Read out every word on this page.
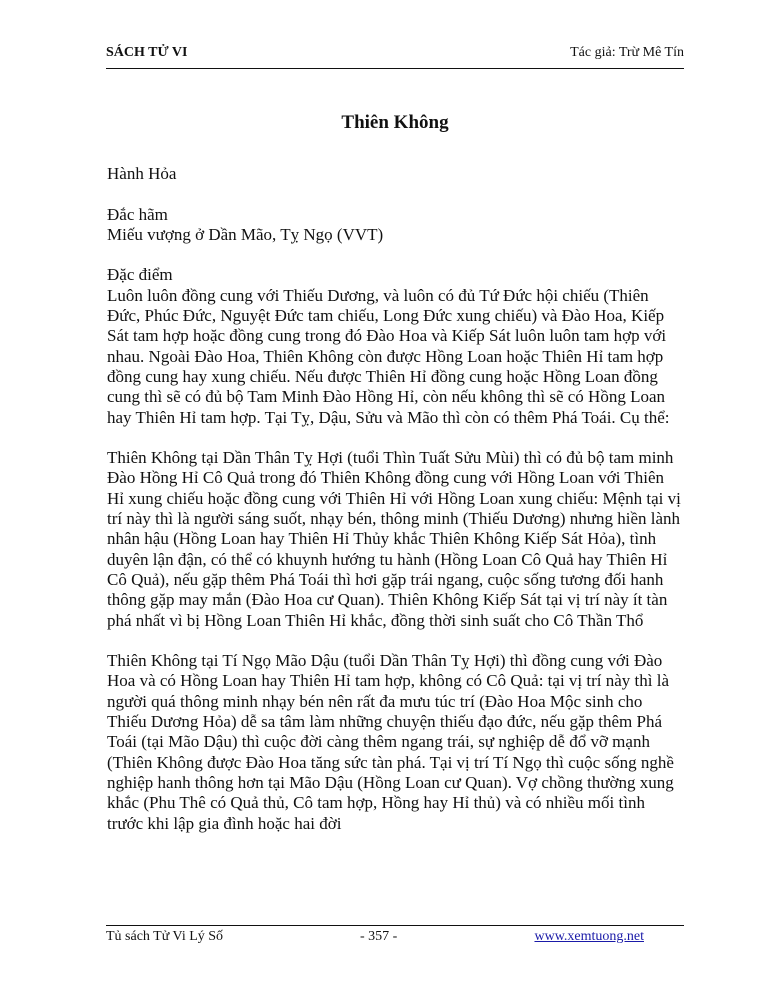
SÁCH TỬ VI	Tác giả: Trừ Mê Tín
Thiên Không

Hành Hỏa

Đắc hãm

Miếu vượng ở Dần Mão, Tỵ Ngọ (VVT)

Đặc điểm

Luôn luôn đồng cung với Thiếu Dương, và luôn có đủ Tứ Đức hội chiếu (Thiên Đức, Phúc Đức, Nguyệt Đức tam chiếu, Long Đức xung chiếu) và Đào Hoa, Kiếp Sát tam hợp hoặc đồng cung trong đó Đào Hoa và Kiếp Sát luôn luôn tam hợp với nhau. Ngoài Đào Hoa, Thiên Không còn được Hồng Loan hoặc Thiên Hỉ tam hợp đồng cung hay xung chiếu. Nếu được Thiên Hỉ đồng cung hoặc Hồng Loan đồng cung thì sẽ có đủ bộ Tam Minh Đào Hồng Hỉ, còn nếu không thì sẽ có Hồng Loan hay Thiên Hỉ tam hợp. Tại Tỵ, Dậu, Sửu và Mão thì còn có thêm Phá Toái. Cụ thể:

Thiên Không tại Dần Thân Tỵ Hợi (tuổi Thìn Tuất Sửu Mùi) thì có đủ bộ tam minh Đào Hồng Hỉ Cô Quả trong đó Thiên Không đồng cung với Hồng Loan với Thiên Hỉ xung chiếu hoặc đồng cung với Thiên Hỉ với Hồng Loan xung chiếu: Mệnh tại vị trí này thì là người sáng suốt, nhạy bén, thông minh (Thiếu Dương) nhưng hiền lành nhân hậu (Hồng Loan hay Thiên Hỉ Thủy khắc Thiên Không Kiếp Sát Hỏa), tình duyên lận đận, có thể có khuynh hướng tu hành (Hồng Loan Cô Quả hay Thiên Hỉ Cô Quả), nếu gặp thêm Phá Toái thì hơi gặp trái ngang, cuộc sống tương đối hanh thông gặp may mắn (Đào Hoa cư Quan). Thiên Không Kiếp Sát tại vị trí này ít tàn phá nhất vì bị Hồng Loan Thiên Hỉ khắc, đồng thời sinh suất cho Cô Thần Thổ

Thiên Không tại Tí Ngọ Mão Dậu (tuổi Dần Thân Tỵ Hợi) thì đồng cung với Đào Hoa và có Hồng Loan hay Thiên Hỉ tam hợp, không có Cô Quả: tại vị trí này thì là người quá thông minh nhạy bén nên rất đa mưu túc trí (Đào Hoa Mộc sinh cho Thiếu Dương Hỏa) dễ sa tâm làm những chuyện thiếu đạo đức, nếu gặp thêm Phá Toái (tại Mão Dậu) thì cuộc đời càng thêm ngang trái, sự nghiệp dễ đổ vỡ mạnh (Thiên Không được Đào Hoa tăng sức tàn phá. Tại vị trí Tí Ngọ thì cuộc sống nghề nghiệp hanh thông hơn tại Mão Dậu (Hồng Loan cư Quan). Vợ chồng thường xung khắc (Phu Thê có Quả thủ, Cô tam hợp, Hồng hay Hỉ thủ) và có nhiều mối tình trước khi lập gia đình hoặc hai đời

Tủ sách Tử Vi Lý Số	- 357 -	www.xemtuong.net
